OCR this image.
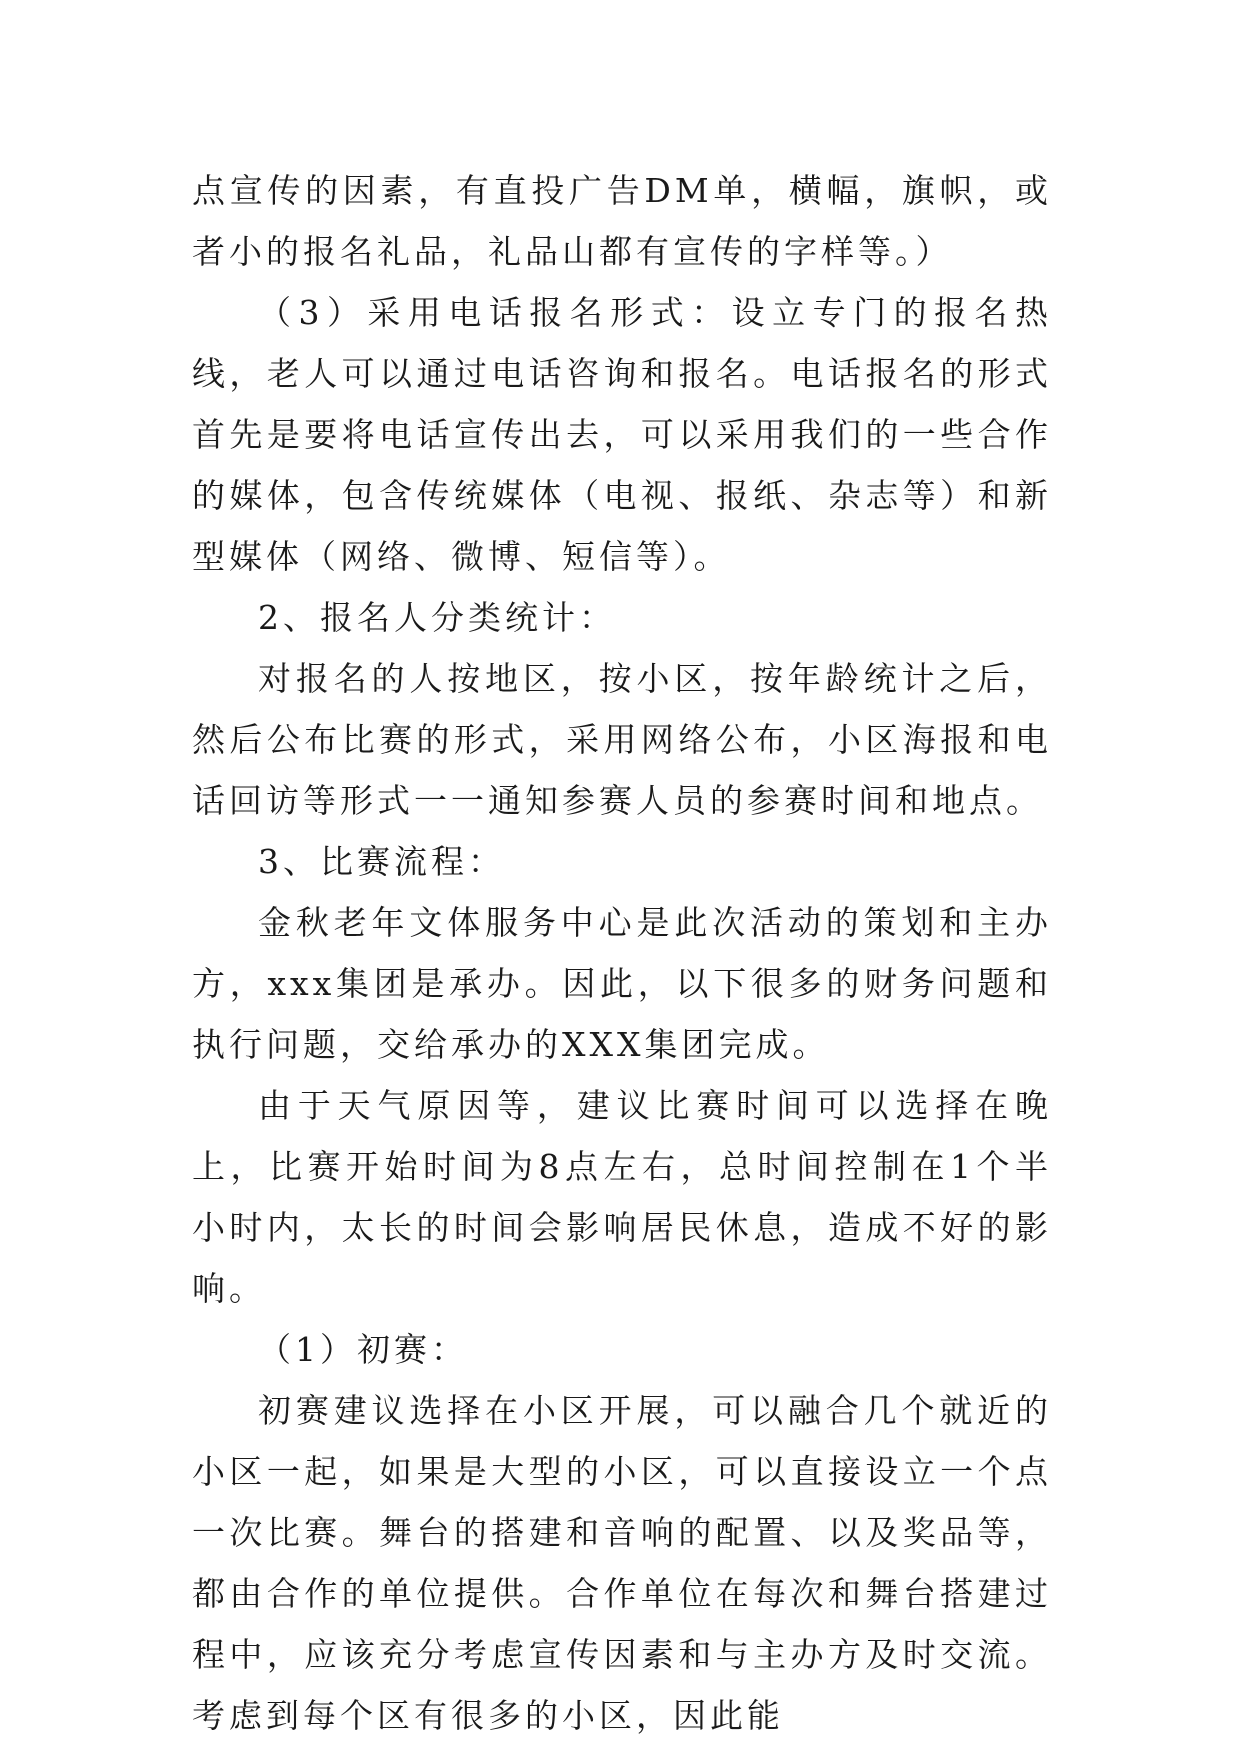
点宣传的因素，有直投广告DM单，横幅，旗帜，或者小的报名礼品，礼品山都有宣传的字样等。）

（3）采用电话报名形式：设立专门的报名热线，老人可以通过电话咨询和报名。电话报名的形式首先是要将电话宣传出去，可以采用我们的一些合作的媒体，包含传统媒体（电视、报纸、杂志等）和新型媒体（网络、微博、短信等）。

2、报名人分类统计：

对报名的人按地区，按小区，按年龄统计之后，然后公布比赛的形式，采用网络公布，小区海报和电话回访等形式一一通知参赛人员的参赛时间和地点。

3、比赛流程：

金秋老年文体服务中心是此次活动的策划和主办方，xxx集团是承办。因此，以下很多的财务问题和执行问题，交给承办的XXX集团完成。

由于天气原因等，建议比赛时间可以选择在晚上，比赛开始时间为8点左右，总时间控制在1个半小时内，太长的时间会影响居民休息，造成不好的影响。

（1）初赛：

初赛建议选择在小区开展，可以融合几个就近的小区一起，如果是大型的小区，可以直接设立一个点一次比赛。舞台的搭建和音响的配置、以及奖品等，都由合作的单位提供。合作单位在每次和舞台搭建过程中，应该充分考虑宣传因素和与主办方及时交流。考虑到每个区有很多的小区，因此能
